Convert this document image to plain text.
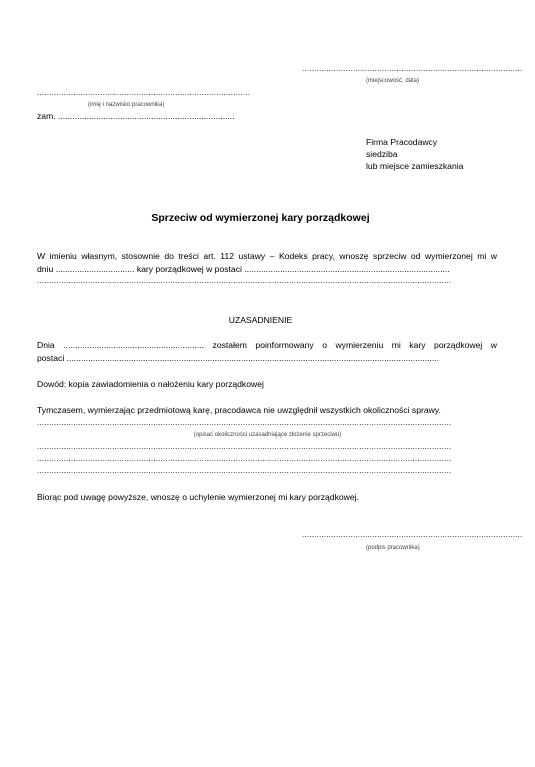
...........................................................................................
(miejscowość, data)
........................................................................................
(imię i nazwisko pracownika)
zam. ..........................................................................
Firma Pracodawcy
siedziba
lub miejsce zamieszkania
Sprzeciw od wymierzonej kary porządkowej
W imieniu własnym, stosownie do treści art. 112 ustawy – Kodeks pracy, wnoszę sprzeciw od wymierzonej mi w
dniu ................................. kary porządkowej w postaci ......................................................................................
...........................................................................................................................................................................
UZASADNIENIE
Dnia ........................................................... zostałem poinformowany o wymierzeniu mi kary porządkowej w
postaci ............................................................................................................................................................
Dowód: kopia zawiadomienia o nałożeniu kary porządkowej
Tymczasem, wymierzając przedmiotową karę, pracodawca nie uwzględnił wszystkich okoliczności sprawy.
...........................................................................................................................................................................
(opisać okoliczności uzasadniające złożenie sprzeciwu)
...........................................................................................................................................................................
...........................................................................................................................................................................
...........................................................................................................................................................................
Biorąc pod uwagę powyższe, wnoszę o uchylenie wymierzonej mi kary porządkowej.
...........................................................................................
(podpis pracownika)
